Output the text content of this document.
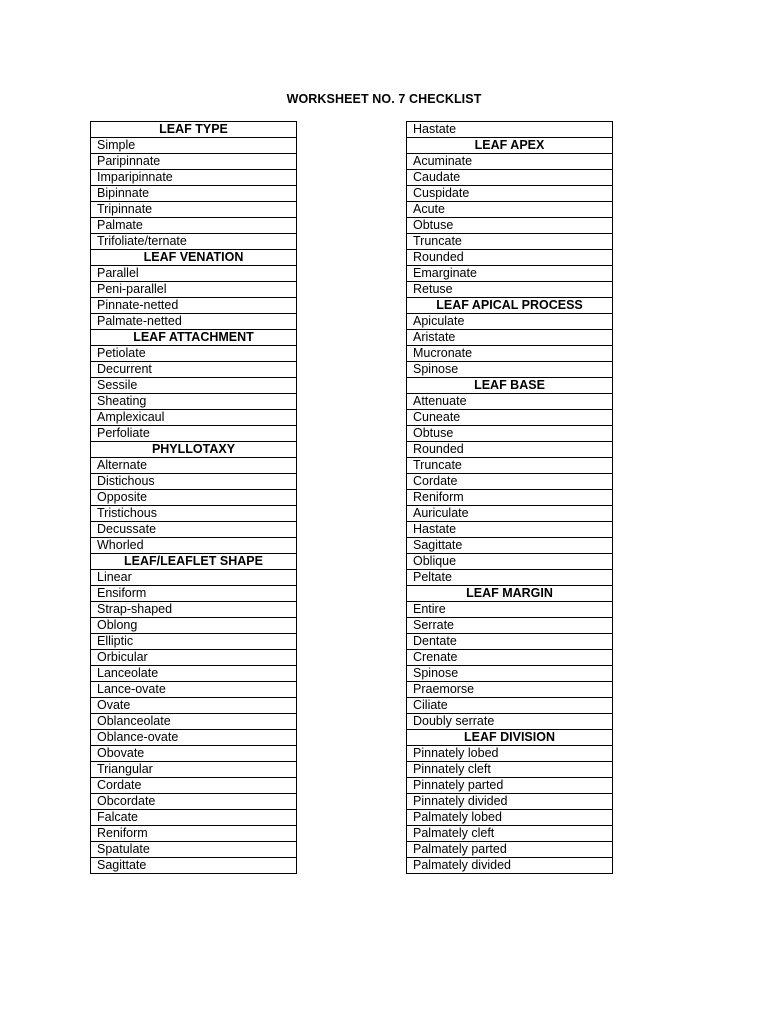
WORKSHEET NO. 7 CHECKLIST
LEAF TYPE
Simple
Paripinnate
Imparipinnate
Bipinnate
Tripinnate
Palmate
Trifoliate/ternate
LEAF VENATION
Parallel
Peni-parallel
Pinnate-netted
Palmate-netted
LEAF ATTACHMENT
Petiolate
Decurrent
Sessile
Sheating
Amplexicaul
Perfoliate
PHYLLOTAXY
Alternate
Distichous
Opposite
Tristichous
Decussate
Whorled
LEAF/LEAFLET SHAPE
Linear
Ensiform
Strap-shaped
Oblong
Elliptic
Orbicular
Lanceolate
Lance-ovate
Ovate
Oblanceolate
Oblance-ovate
Obovate
Triangular
Cordate
Obcordate
Falcate
Reniform
Spatulate
Sagittate
Hastate
LEAF APEX
Acuminate
Caudate
Cuspidate
Acute
Obtuse
Truncate
Rounded
Emarginate
Retuse
LEAF APICAL PROCESS
Apiculate
Aristate
Mucronate
Spinose
LEAF BASE
Attenuate
Cuneate
Obtuse
Rounded
Truncate
Cordate
Reniform
Auriculate
Hastate
Sagittate
Oblique
Peltate
LEAF MARGIN
Entire
Serrate
Dentate
Crenate
Spinose
Praemorse
Ciliate
Doubly serrate
LEAF DIVISION
Pinnately lobed
Pinnately cleft
Pinnately parted
Pinnately divided
Palmately lobed
Palmately cleft
Palmately parted
Palmately divided
